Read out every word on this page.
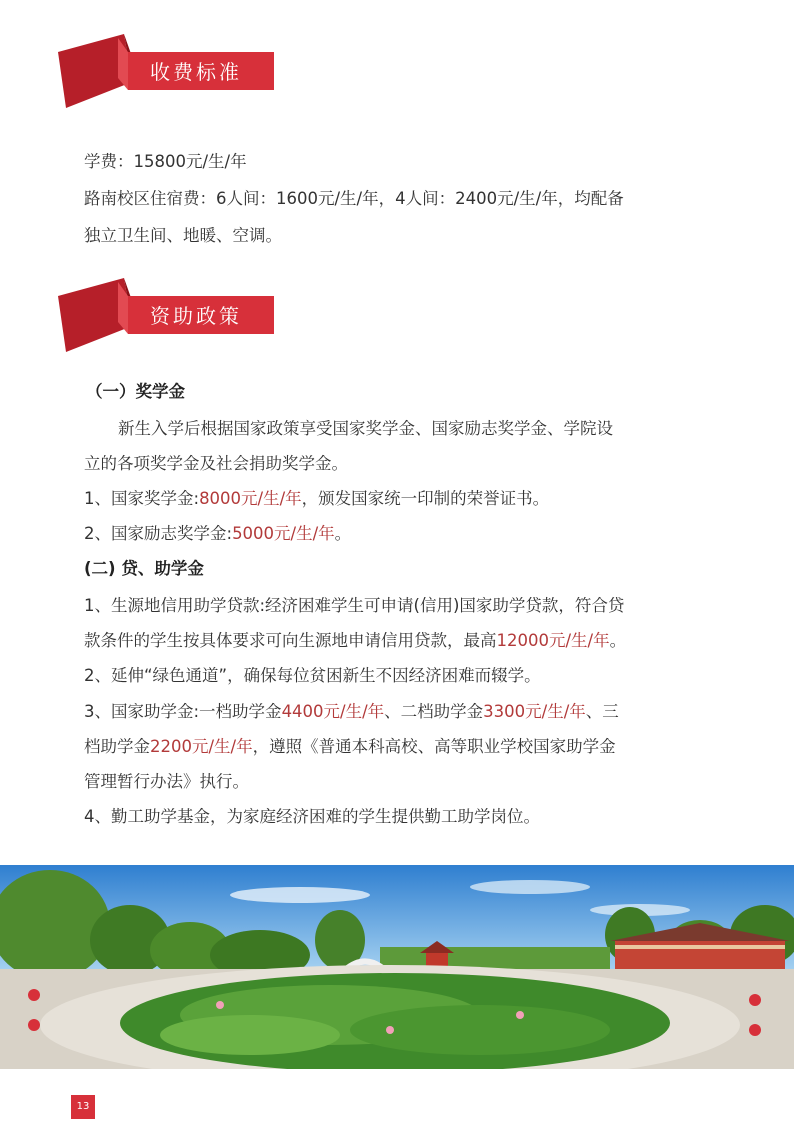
收费标准
学费：15800元/生/年
路南校区住宿费：6人间：1600元/生/年，4人间：2400元/生/年，均配备
独立卫生间、地暖、空调。
资助政策
（一）奖学金
新生入学后根据国家政策享受国家奖学金、国家励志奖学金、学院设
立的各项奖学金及社会捐助奖学金。
1、国家奖学金:8000元/生/年，颁发国家统一印制的荣誉证书。
2、国家励志奖学金:5000元/生/年。
(二) 贷、助学金
1、生源地信用助学贷款:经济困难学生可申请(信用)国家助学贷款，符合贷
款条件的学生按具体要求可向生源地申请信用贷款，最高12000元/生/年。
2、延伸“绿色通道”，确保每位贫困新生不因经济困难而辍学。
3、国家助学金:一档助学金4400元/生/年、二档助学金3300元/生/年、三
档助学金2200元/生/年，遵照《普通本科高校、高等职业学校国家助学金
管理暂行办法》执行。
4、勤工助学基金，为家庭经济困难的学生提供勤工助学岗位。
13
